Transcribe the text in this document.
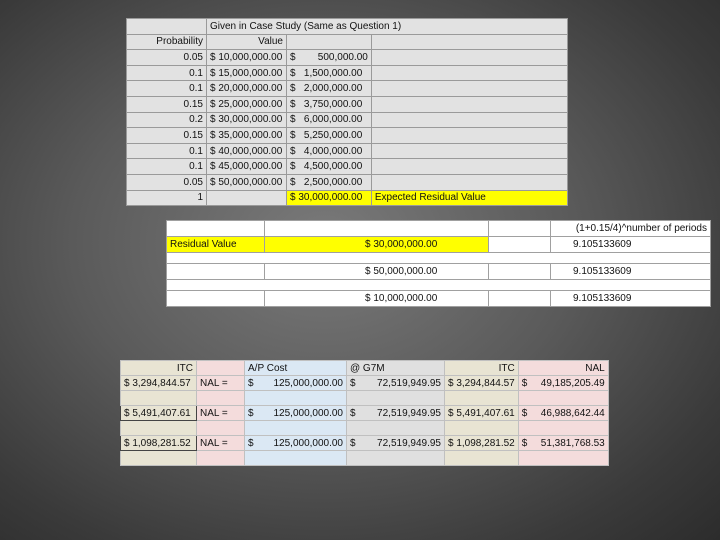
	Given in Case Study (Same as Question 1)		
Probability	Value		
0.05	$ 10,000,000.00	$        500,000.00	
0.1	$ 15,000,000.00	$   1,500,000.00	
0.1	$ 20,000,000.00	$   2,000,000.00	
0.15	$ 25,000,000.00	$   3,750,000.00	
0.2	$ 30,000,000.00	$   6,000,000.00	
0.15	$ 35,000,000.00	$   5,250,000.00	
0.1	$ 40,000,000.00	$   4,000,000.00	
0.1	$ 45,000,000.00	$   4,500,000.00	
0.05	$ 50,000,000.00	$   2,500,000.00	
1		$ 30,000,000.00	Expected Residual Value
			(1+0.15/4)^number of periods
Residual Value	$ 30,000,000.00		9.105133609

	$ 50,000,000.00		9.105133609

	$ 10,000,000.00		9.105133609
ITC		A/P Cost	@ G7M	ITC	NAL
$ 3,294,844.57	NAL =	$ 125,000,000.00	$ 72,519,949.95	$ 3,294,844.57	$ 49,185,205.49

$ 5,491,407.61	NAL =	$ 125,000,000.00	$ 72,519,949.95	$ 5,491,407.61	$ 46,988,642.44

$ 1,098,281.52	NAL =	$ 125,000,000.00	$ 72,519,949.95	$ 1,098,281.52	$ 51,381,768.53
